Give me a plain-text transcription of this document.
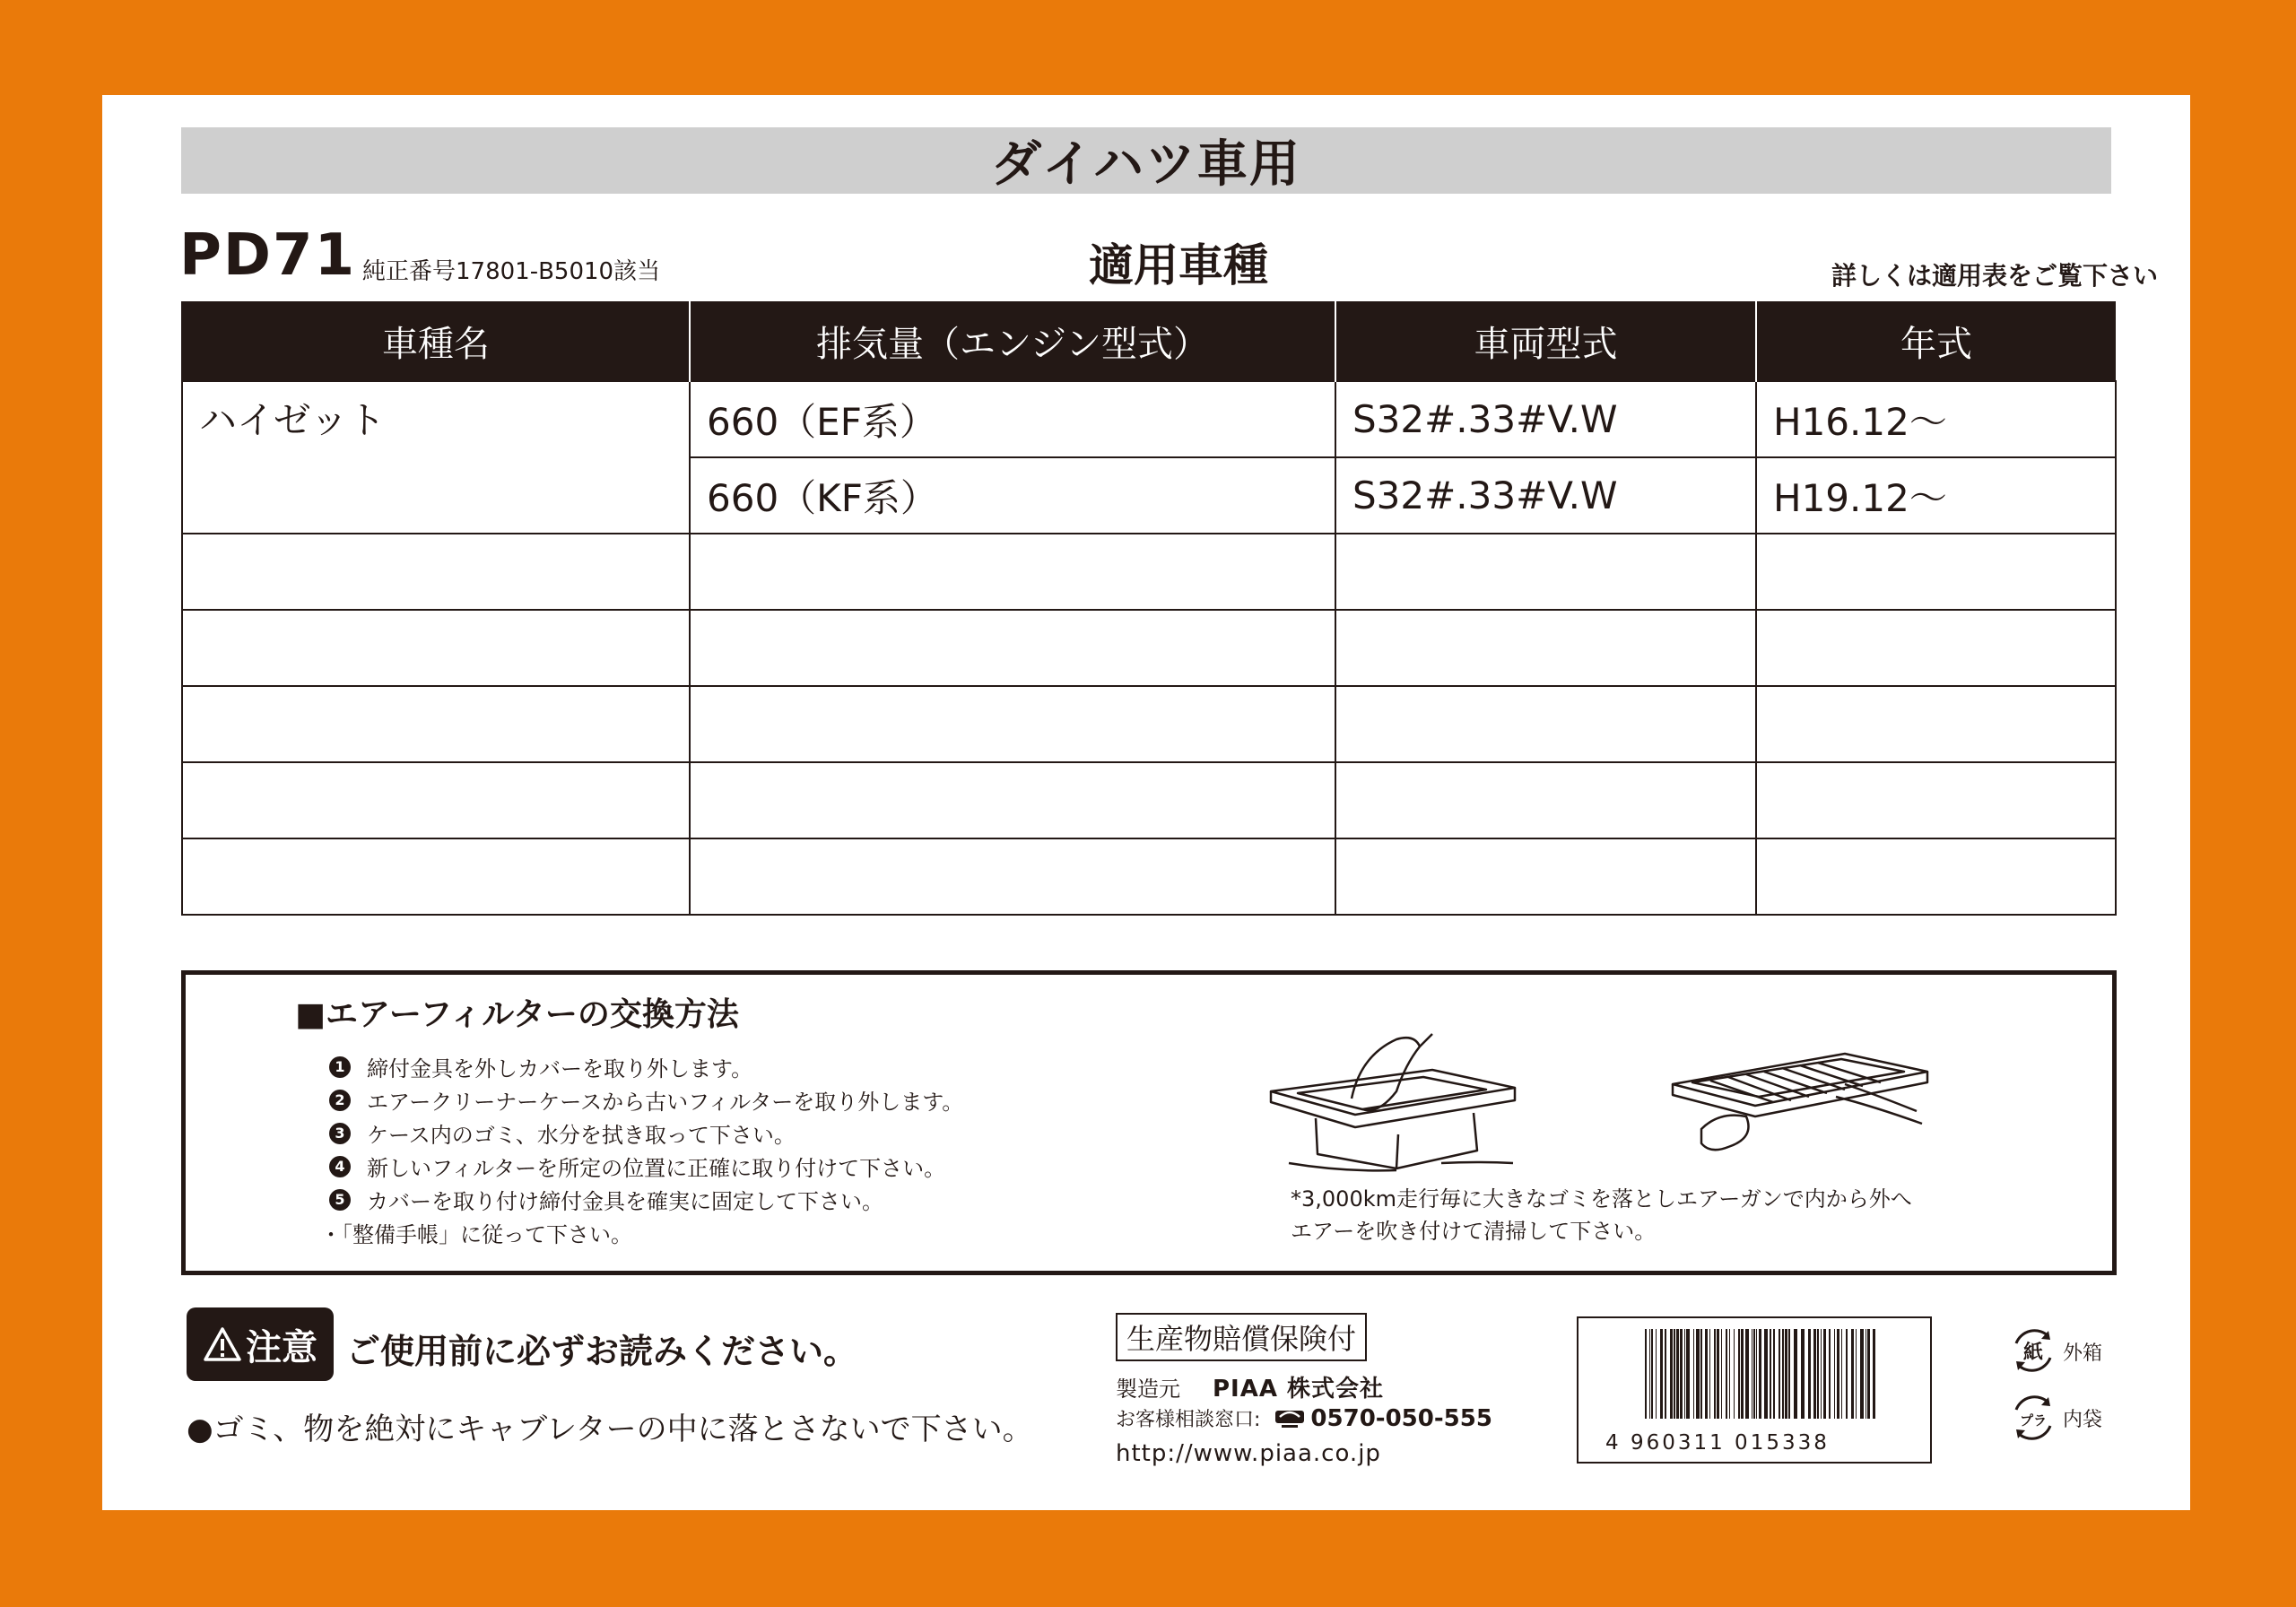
ダイハツ車用
PD71 純正番号17801-B5010該当	適用車種	詳しくは適用表をご覧下さい
車種名	排気量（エンジン型式）	車両型式	年式
ハイゼット	660（EF系）	S32#.33#V.W	H16.12～
	660（KF系）	S32#.33#V.W	H19.12～

■エアーフィルターの交換方法
1 締付金具を外しカバーを取り外します。
2 エアークリーナーケースから古いフィルターを取り外します。
3 ケース内のゴミ、水分を拭き取って下さい。
4 新しいフィルターを所定の位置に正確に取り付けて下さい。
5 カバーを取り付け締付金具を確実に固定して下さい。
・「整備手帳」に従って下さい。
*3,000km走行毎に大きなゴミを落としエアーガンで内から外へ
エアーを吹き付けて清掃して下さい。
注意 ご使用前に必ずお読みください。
●ゴミ、物を絶対にキャブレターの中に落とさないで下さい。
生産物賠償保険付
製造元 PIAA 株式会社
お客様相談窓口: 0570-050-555
http://www.piaa.co.jp	4 960311 015338
紙 外箱
プラ 内袋
